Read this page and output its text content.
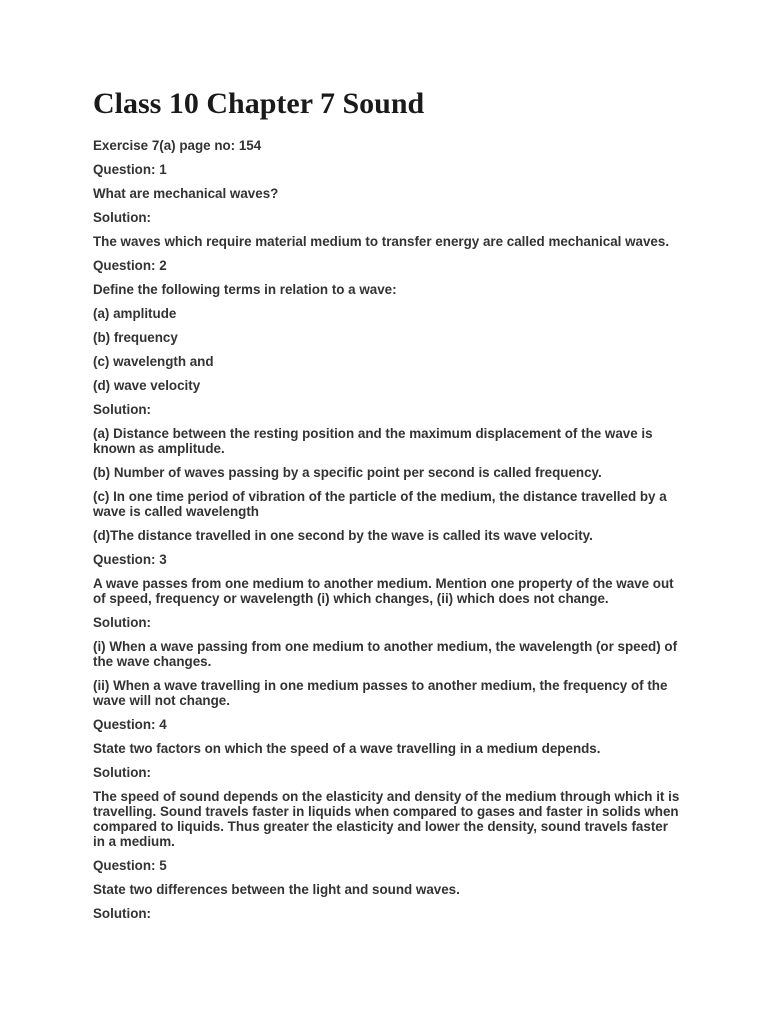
Class 10 Chapter 7 Sound

Exercise 7(a) page no: 154

Question: 1

What are mechanical waves?

Solution:

The waves which require material medium to transfer energy are called mechanical waves.

Question: 2

Define the following terms in relation to a wave:

(a) amplitude

(b) frequency

(c) wavelength and

(d) wave velocity

Solution:

(a) Distance between the resting position and the maximum displacement of the wave is known as amplitude.

(b) Number of waves passing by a specific point per second is called frequency.

(c) In one time period of vibration of the particle of the medium, the distance travelled by a wave is called wavelength

(d)The distance travelled in one second by the wave is called its wave velocity.

Question: 3

A wave passes from one medium to another medium. Mention one property of the wave out of speed, frequency or wavelength (i) which changes, (ii) which does not change.

Solution:

(i) When a wave passing from one medium to another medium, the wavelength (or speed) of the wave changes.

(ii) When a wave travelling in one medium passes to another medium, the frequency of the wave will not change.

Question: 4

State two factors on which the speed of a wave travelling in a medium depends.

Solution:

The speed of sound depends on the elasticity and density of the medium through which it is travelling. Sound travels faster in liquids when compared to gases and faster in solids when compared to liquids. Thus greater the elasticity and lower the density, sound travels faster in a medium.

Question: 5

State two differences between the light and sound waves.

Solution:
